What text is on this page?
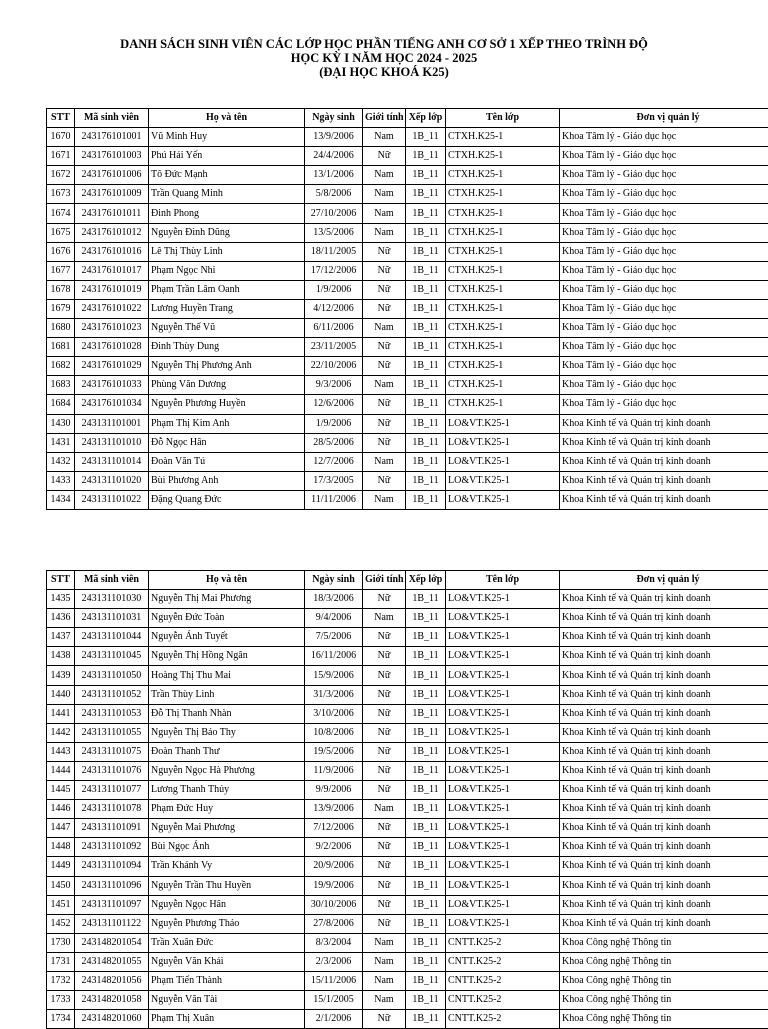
DANH SÁCH SINH VIÊN CÁC LỚP HỌC PHẦN TIẾNG ANH CƠ SỞ 1 XẾP THEO TRÌNH ĐỘ
HỌC KỲ I NĂM HỌC 2024 - 2025
(ĐẠI HỌC KHOÁ K25)
STT	Mã sinh viên	Họ và tên	Ngày sinh	Giới tính	Xếp lớp	Tên lớp	Đơn vị quản lý
1670	243176101001	Vũ Minh Huy	13/9/2006	Nam	1B_11	CTXH.K25-1	Khoa Tâm lý - Giáo dục học
1671	243176101003	Phú Hải Yến	24/4/2006	Nữ	1B_11	CTXH.K25-1	Khoa Tâm lý - Giáo dục học
1672	243176101006	Tô Đức Mạnh	13/1/2006	Nam	1B_11	CTXH.K25-1	Khoa Tâm lý - Giáo dục học
1673	243176101009	Trần Quang Minh	5/8/2006	Nam	1B_11	CTXH.K25-1	Khoa Tâm lý - Giáo dục học
1674	243176101011	Đinh Phong	27/10/2006	Nam	1B_11	CTXH.K25-1	Khoa Tâm lý - Giáo dục học
1675	243176101012	Nguyễn Đình Dũng	13/5/2006	Nam	1B_11	CTXH.K25-1	Khoa Tâm lý - Giáo dục học
1676	243176101016	Lê Thị Thùy Linh	18/11/2005	Nữ	1B_11	CTXH.K25-1	Khoa Tâm lý - Giáo dục học
1677	243176101017	Phạm Ngọc Nhi	17/12/2006	Nữ	1B_11	CTXH.K25-1	Khoa Tâm lý - Giáo dục học
1678	243176101019	Phạm Trần Lâm Oanh	1/9/2006	Nữ	1B_11	CTXH.K25-1	Khoa Tâm lý - Giáo dục học
1679	243176101022	Lương Huyền Trang	4/12/2006	Nữ	1B_11	CTXH.K25-1	Khoa Tâm lý - Giáo dục học
1680	243176101023	Nguyễn Thế Vũ	6/11/2006	Nam	1B_11	CTXH.K25-1	Khoa Tâm lý - Giáo dục học
1681	243176101028	Đinh Thùy Dung	23/11/2005	Nữ	1B_11	CTXH.K25-1	Khoa Tâm lý - Giáo dục học
1682	243176101029	Nguyễn Thị Phương Anh	22/10/2006	Nữ	1B_11	CTXH.K25-1	Khoa Tâm lý - Giáo dục học
1683	243176101033	Phùng Văn Dương	9/3/2006	Nam	1B_11	CTXH.K25-1	Khoa Tâm lý - Giáo dục học
1684	243176101034	Nguyễn Phương Huyền	12/6/2006	Nữ	1B_11	CTXH.K25-1	Khoa Tâm lý - Giáo dục học
1430	243131101001	Phạm Thị Kim Anh	1/9/2006	Nữ	1B_11	LO&VT.K25-1	Khoa Kinh tế và Quản trị kinh doanh
1431	243131101010	Đỗ Ngọc Hân	28/5/2006	Nữ	1B_11	LO&VT.K25-1	Khoa Kinh tế và Quản trị kinh doanh
1432	243131101014	Đoàn Văn Tú	12/7/2006	Nam	1B_11	LO&VT.K25-1	Khoa Kinh tế và Quản trị kinh doanh
1433	243131101020	Bùi Phương Anh	17/3/2005	Nữ	1B_11	LO&VT.K25-1	Khoa Kinh tế và Quản trị kinh doanh
1434	243131101022	Đặng Quang Đức	11/11/2006	Nam	1B_11	LO&VT.K25-1	Khoa Kinh tế và Quản trị kinh doanh
STT	Mã sinh viên	Họ và tên	Ngày sinh	Giới tính	Xếp lớp	Tên lớp	Đơn vị quản lý
1435	243131101030	Nguyễn Thị Mai Phương	18/3/2006	Nữ	1B_11	LO&VT.K25-1	Khoa Kinh tế và Quản trị kinh doanh
1436	243131101031	Nguyễn Đức Toàn	9/4/2006	Nam	1B_11	LO&VT.K25-1	Khoa Kinh tế và Quản trị kinh doanh
1437	243131101044	Nguyễn Ánh Tuyết	7/5/2006	Nữ	1B_11	LO&VT.K25-1	Khoa Kinh tế và Quản trị kinh doanh
1438	243131101045	Nguyễn Thị Hồng Ngân	16/11/2006	Nữ	1B_11	LO&VT.K25-1	Khoa Kinh tế và Quản trị kinh doanh
1439	243131101050	Hoàng Thị Thu Mai	15/9/2006	Nữ	1B_11	LO&VT.K25-1	Khoa Kinh tế và Quản trị kinh doanh
1440	243131101052	Trần Thùy Linh	31/3/2006	Nữ	1B_11	LO&VT.K25-1	Khoa Kinh tế và Quản trị kinh doanh
1441	243131101053	Đỗ Thị Thanh Nhàn	3/10/2006	Nữ	1B_11	LO&VT.K25-1	Khoa Kinh tế và Quản trị kinh doanh
1442	243131101055	Nguyễn Thị Bảo Thy	10/8/2006	Nữ	1B_11	LO&VT.K25-1	Khoa Kinh tế và Quản trị kinh doanh
1443	243131101075	Đoàn Thanh Thư	19/5/2006	Nữ	1B_11	LO&VT.K25-1	Khoa Kinh tế và Quản trị kinh doanh
1444	243131101076	Nguyễn Ngọc Hà Phương	11/9/2006	Nữ	1B_11	LO&VT.K25-1	Khoa Kinh tế và Quản trị kinh doanh
1445	243131101077	Lương Thanh Thủy	9/9/2006	Nữ	1B_11	LO&VT.K25-1	Khoa Kinh tế và Quản trị kinh doanh
1446	243131101078	Phạm Đức Huy	13/9/2006	Nam	1B_11	LO&VT.K25-1	Khoa Kinh tế và Quản trị kinh doanh
1447	243131101091	Nguyễn Mai Phương	7/12/2006	Nữ	1B_11	LO&VT.K25-1	Khoa Kinh tế và Quản trị kinh doanh
1448	243131101092	Bùi Ngọc Ánh	9/2/2006	Nữ	1B_11	LO&VT.K25-1	Khoa Kinh tế và Quản trị kinh doanh
1449	243131101094	Trần Khánh Vy	20/9/2006	Nữ	1B_11	LO&VT.K25-1	Khoa Kinh tế và Quản trị kinh doanh
1450	243131101096	Nguyễn Trần Thu Huyền	19/9/2006	Nữ	1B_11	LO&VT.K25-1	Khoa Kinh tế và Quản trị kinh doanh
1451	243131101097	Nguyễn Ngọc Hân	30/10/2006	Nữ	1B_11	LO&VT.K25-1	Khoa Kinh tế và Quản trị kinh doanh
1452	243131101122	Nguyễn Phương Thảo	27/8/2006	Nữ	1B_11	LO&VT.K25-1	Khoa Kinh tế và Quản trị kinh doanh
1730	243148201054	Trần Xuân Đức	8/3/2004	Nam	1B_11	CNTT.K25-2	Khoa Công nghệ Thông tin
1731	243148201055	Nguyễn Văn Khải	2/3/2006	Nam	1B_11	CNTT.K25-2	Khoa Công nghệ Thông tin
1732	243148201056	Phạm Tiến Thành	15/11/2006	Nam	1B_11	CNTT.K25-2	Khoa Công nghệ Thông tin
1733	243148201058	Nguyễn Văn Tài	15/1/2005	Nam	1B_11	CNTT.K25-2	Khoa Công nghệ Thông tin
1734	243148201060	Phạm Thị Xuân	2/1/2006	Nữ	1B_11	CNTT.K25-2	Khoa Công nghệ Thông tin
